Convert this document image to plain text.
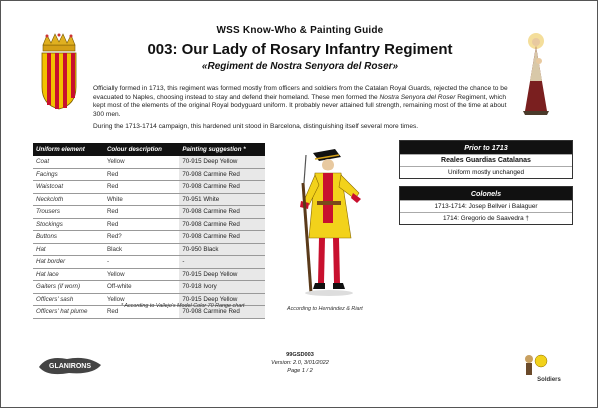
WSS Know-Who & Painting Guide
003: Our Lady of Rosary Infantry Regiment
«Regiment de Nostra Senyora del Roser»

Officially formed in 1713, this regiment was formed mostly from officers and soldiers from the Catalan Royal Guards, rejected the chance to be evacuated to Naples, choosing instead to stay and defend their homeland. These men formed the Nostra Senyora del Roser Regiment, which kept most of the elements of the original Royal bodyguard uniform. It probably never attained full strength, remaining most of the time at about 300 men.

During the 1713-1714 campaign, this hardened unit stood in Barcelona, distinguishing itself several more times.

Uniform element	Colour description	Painting suggestion *
Coat	Yellow	70-915 Deep Yellow
Facings	Red	70-908 Carmine Red
Waistcoat	Red	70-908 Carmine Red
Neckcloth	White	70-951 White
Trousers	Red	70-908 Carmine Red
Stockings	Red	70-908 Carmine Red
Buttons	Red?	70-908 Carmine Red
Hat	Black	70-950 Black
Hat border	-	-
Hat lace	Yellow	70-915 Deep Yellow
Gaiters (if worn)	Off-white	70-918 Ivory
Officers' sash	Yellow	70-915 Deep Yellow
Officers' hat plume	Red	70-908 Carmine Red
* According to Vallejo's Model Color 70 Range chart	According to Hernández & Riart
Prior to 1713
Reales Guardias Catalanas
Uniform mostly unchanged
Colonels
1713-1714: Josep Bellver i Balaguer
1714: Gregorio de Saavedra †
GLANIRONS
99GSD003
Version: 2.0, 3/01/2022
Page 1 / 2
Soldiers
